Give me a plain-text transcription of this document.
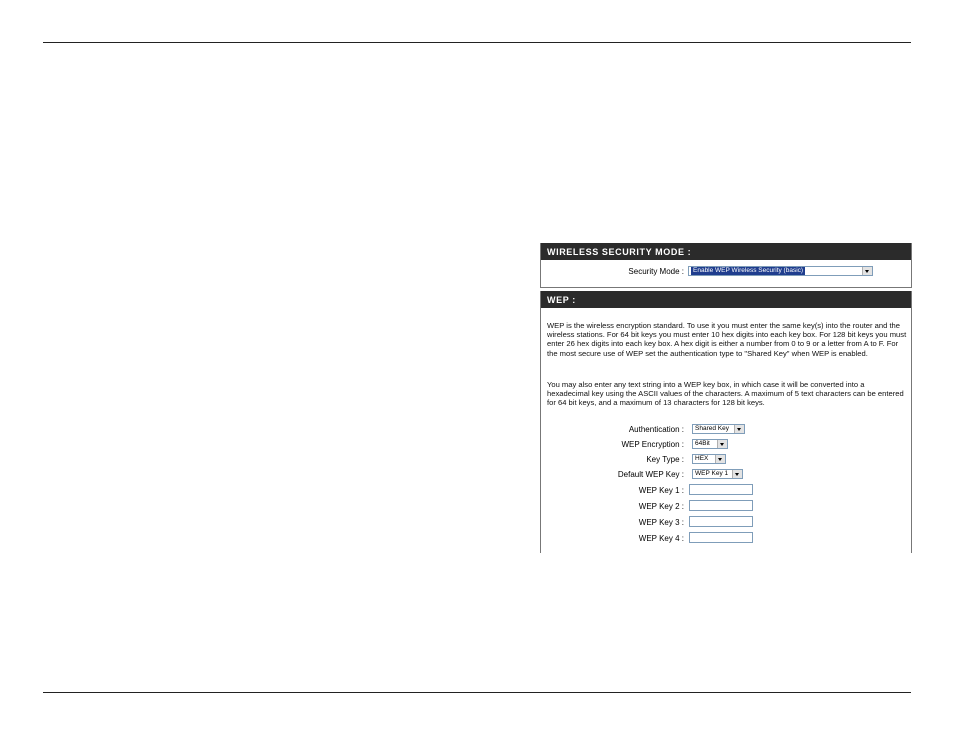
WIRELESS SECURITY MODE :
Security Mode :	Enable WEP Wireless Security (basic)
WEP :
WEP is the wireless encryption standard. To use it you must enter the same key(s) into the router and the wireless stations. For 64 bit keys you must enter 10 hex digits into each key box. For 128 bit keys you must enter 26 hex digits into each key box. A hex digit is either a number from 0 to 9 or a letter from A to F. For the most secure use of WEP set the authentication type to "Shared Key" when WEP is enabled.
You may also enter any text string into a WEP key box, in which case it will be converted into a hexadecimal key using the ASCII values of the characters. A maximum of 5 text characters can be entered for 64 bit keys, and a maximum of 13 characters for 128 bit keys.
Authentication :	Shared Key
WEP Encryption :	64Bit
Key Type :	HEX
Default WEP Key :	WEP Key 1
WEP Key 1 :
WEP Key 2 :
WEP Key 3 :
WEP Key 4 :
